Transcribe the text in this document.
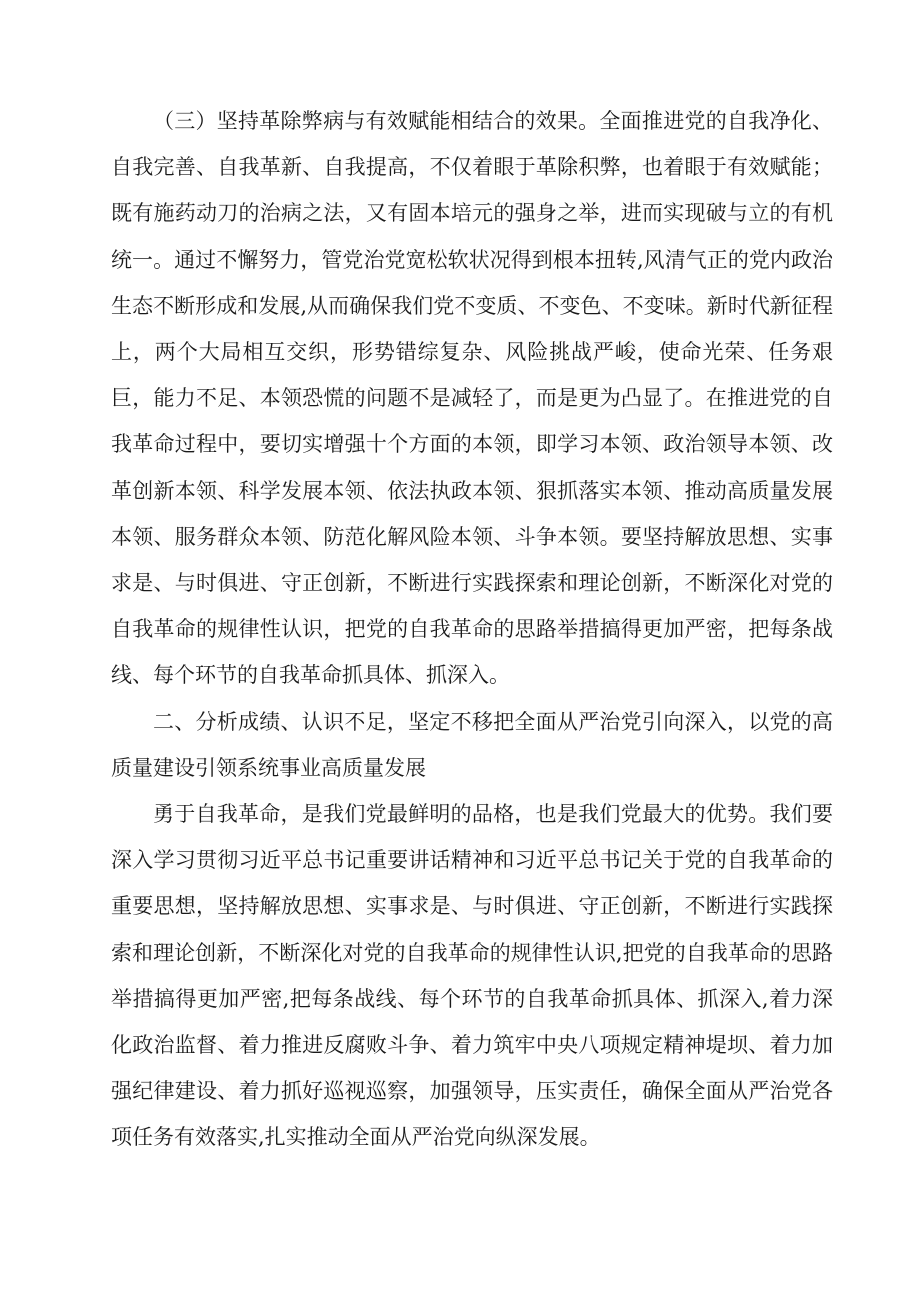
（三）坚持革除弊病与有效赋能相结合的效果。全面推进党的自我净化、自我完善、自我革新、自我提高，不仅着眼于革除积弊，也着眼于有效赋能；既有施药动刀的治病之法，又有固本培元的强身之举，进而实现破与立的有机统一。通过不懈努力，管党治党宽松软状况得到根本扭转,风清气正的党内政治生态不断形成和发展,从而确保我们党不变质、不变色、不变味。新时代新征程上，两个大局相互交织，形势错综复杂、风险挑战严峻，使命光荣、任务艰巨，能力不足、本领恐慌的问题不是减轻了，而是更为凸显了。在推进党的自我革命过程中，要切实增强十个方面的本领，即学习本领、政治领导本领、改革创新本领、科学发展本领、依法执政本领、狠抓落实本领、推动高质量发展本领、服务群众本领、防范化解风险本领、斗争本领。要坚持解放思想、实事求是、与时俱进、守正创新，不断进行实践探索和理论创新，不断深化对党的自我革命的规律性认识，把党的自我革命的思路举措搞得更加严密，把每条战线、每个环节的自我革命抓具体、抓深入。

二、分析成绩、认识不足，坚定不移把全面从严治党引向深入，以党的高质量建设引领系统事业高质量发展

勇于自我革命，是我们党最鲜明的品格，也是我们党最大的优势。我们要深入学习贯彻习近平总书记重要讲话精神和习近平总书记关于党的自我革命的重要思想，坚持解放思想、实事求是、与时俱进、守正创新，不断进行实践探索和理论创新，不断深化对党的自我革命的规律性认识,把党的自我革命的思路举措搞得更加严密,把每条战线、每个环节的自我革命抓具体、抓深入,着力深化政治监督、着力推进反腐败斗争、着力筑牢中央八项规定精神堤坝、着力加强纪律建设、着力抓好巡视巡察，加强领导，压实责任，确保全面从严治党各项任务有效落实,扎实推动全面从严治党向纵深发展。
